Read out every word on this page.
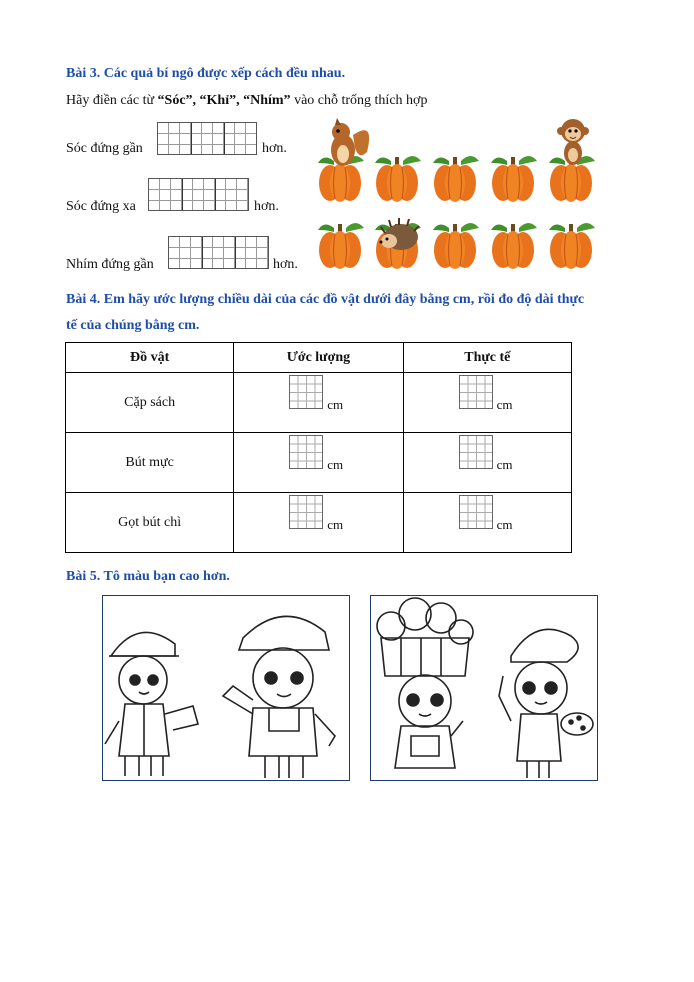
Bài 3. Các quả bí ngô được xếp cách đều nhau.
Hãy điền các từ “Sóc”, “Khỉ”, “Nhím” vào chỗ trống thích hợp
Sóc đứng gần	hơn.
Sóc đứng xa	hơn.
Nhím đứng gần	hơn.
Bài 4. Em hãy ước lượng chiều dài của các đồ vật dưới đây bằng cm, rồi đo độ dài thực
tế của chúng bằng cm.
Đồ vật	Ước lượng	Thực tế
Cặp sách	cm	cm

Bút mực	cm	cm

Gọt bút chì	cm	cm
Bài 5. Tô màu bạn cao hơn.
